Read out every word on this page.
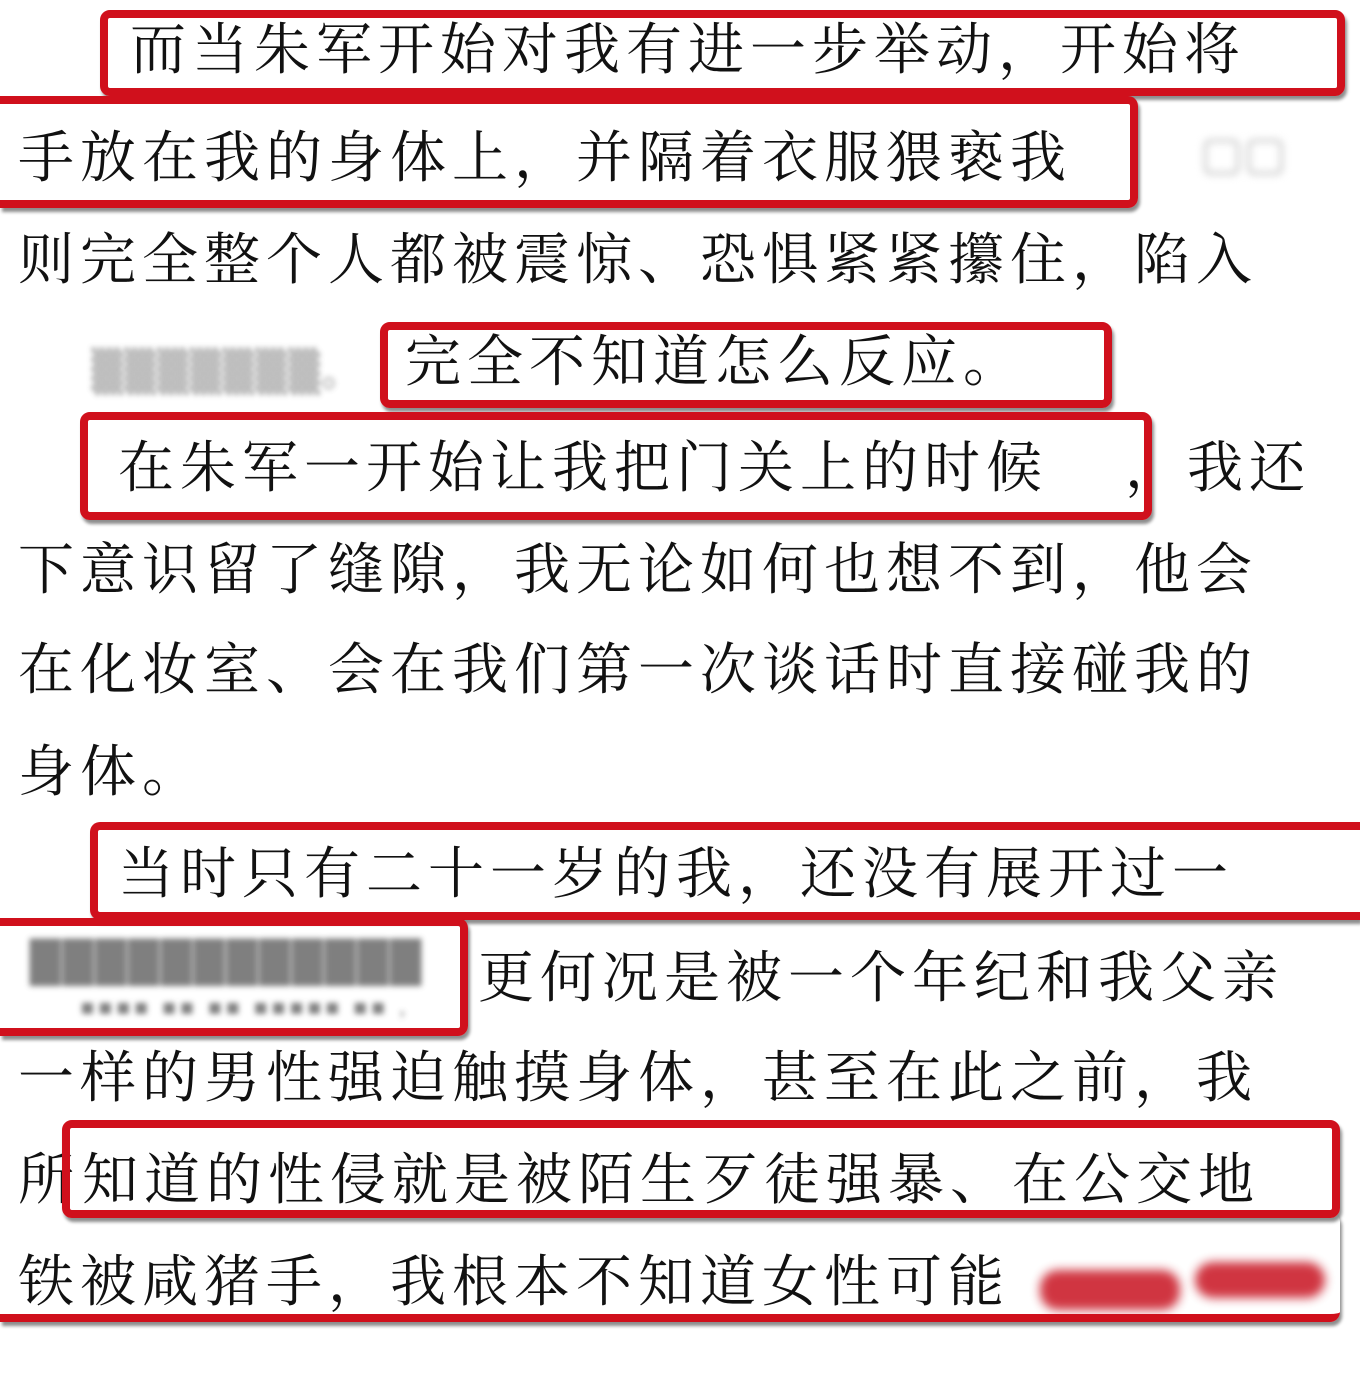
而当朱军开始对我有进一步举动，开始将
手放在我的身体上，并隔着衣服猥亵我
则完全整个人都被震惊、恐惧紧紧攥住，陷入
▒▒▒▒▒▒▒。 完全不知道怎么反应。
在朱军一开始让我把门关上的时候 ，我还
下意识留了缝隙，我无论如何也想不到，他会
在化妆室、会在我们第一次谈话时直接碰我的
身体。
当时只有二十一岁的我，还没有展开过一
████████████
▪▪▪▪ ▪▪ ▪▪ ▪▪▪▪▪ ▪▪ ， 更何况是被一个年纪和我父亲
一样的男性强迫触摸身体，甚至在此之前，我
所 知道的性侵就是被陌生歹徒强暴、在公交地
铁被咸猪手，我根本不知道女性可能
▢▢
